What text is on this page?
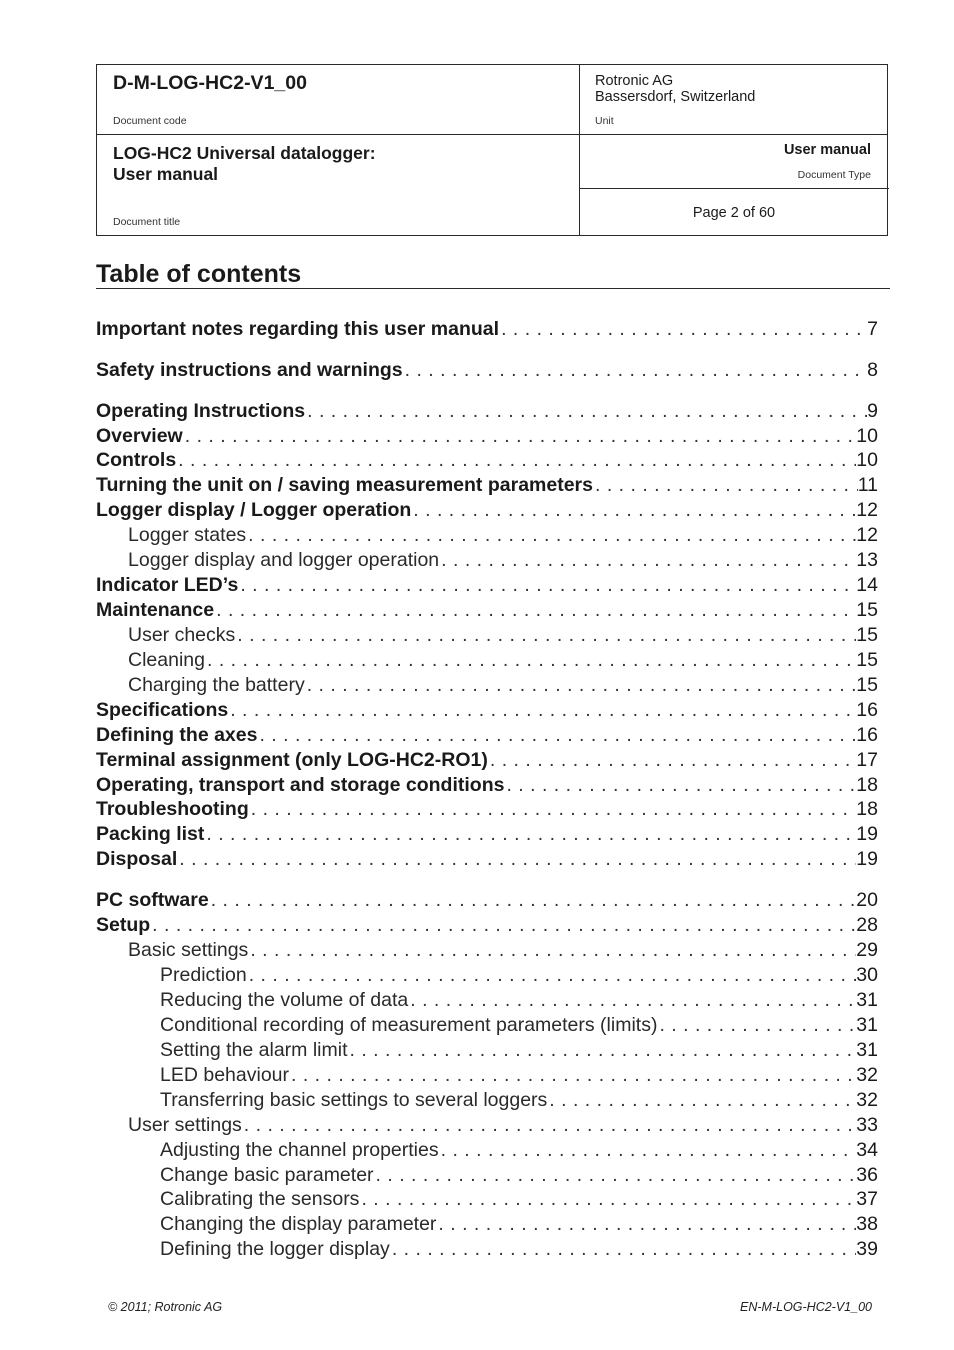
D-M-LOG-HC2-V1_00
Document code
Rotronic AG
Bassersdorf, Switzerland
Unit
LOG-HC2 Universal datalogger:
User manual
Document title
User manual
Document Type
Page 2 of 60
Table of contents
Important notes regarding this user manual . . .	7
Safety instructions and warnings . . .	8
Operating Instructions . . .	9
Overview . . .	10
Controls . . .	10
Turning the unit on / saving measurement parameters . . .	11
Logger display / Logger operation . . .	12
Logger states . . .	12
Logger display and logger operation . . .	13
Indicator LED’s . . .	14
Maintenance . . .	15
User checks . . .	15
Cleaning . . .	15
Charging the battery . . .	15
Specifications . . .	16
Defining the axes . . .	16
Terminal assignment (only LOG-HC2-RO1) . . .	17
Operating, transport and storage conditions . . .	18
Troubleshooting . . .	18
Packing list . . .	19
Disposal . . .	19
PC software . . .	20
Setup . . .	28
Basic settings . . .	29
Prediction . . .	30
Reducing the volume of data . . .	31
Conditional recording of measurement parameters (limits) . . .	31
Setting the alarm limit . . .	31
LED behaviour . . .	32
Transferring basic settings to several loggers . . .	32
User settings . . .	33
Adjusting the channel properties . . .	34
Change basic parameter . . .	36
Calibrating the sensors . . .	37
Changing the display parameter . . .	38
Defining the logger display . . .	39
© 2011; Rotronic AG	EN-M-LOG-HC2-V1_00
